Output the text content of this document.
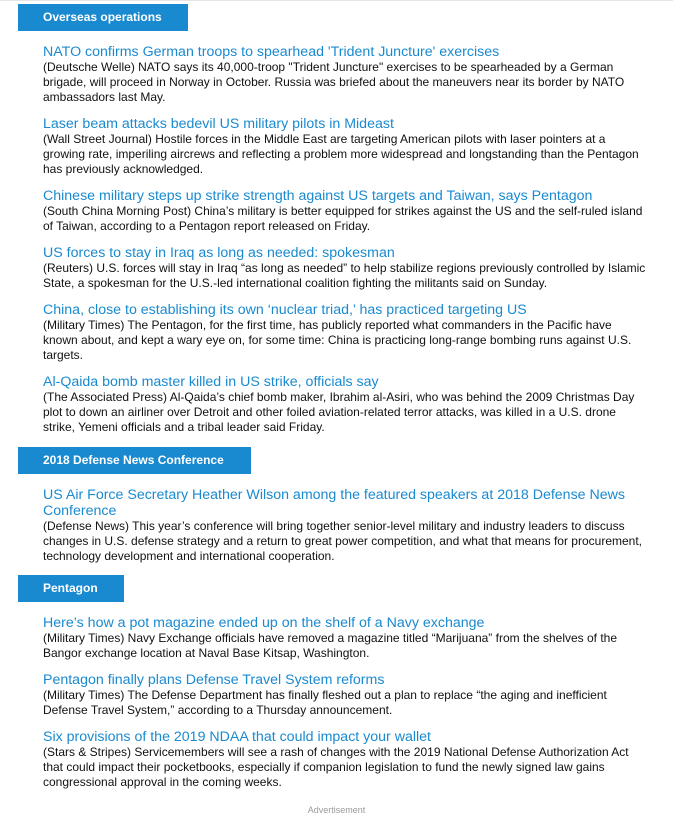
Overseas operations
NATO confirms German troops to spearhead 'Trident Juncture' exercises
(Deutsche Welle) NATO says its 40,000-troop "Trident Juncture" exercises to be spearheaded by a German brigade, will proceed in Norway in October. Russia was briefed about the maneuvers near its border by NATO ambassadors last May.
Laser beam attacks bedevil US military pilots in Mideast
(Wall Street Journal) Hostile forces in the Middle East are targeting American pilots with laser pointers at a growing rate, imperiling aircrews and reflecting a problem more widespread and longstanding than the Pentagon has previously acknowledged.
Chinese military steps up strike strength against US targets and Taiwan, says Pentagon
(South China Morning Post) China’s military is better equipped for strikes against the US and the self-ruled island of Taiwan, according to a Pentagon report released on Friday.
US forces to stay in Iraq as long as needed: spokesman
(Reuters) U.S. forces will stay in Iraq “as long as needed” to help stabilize regions previously controlled by Islamic State, a spokesman for the U.S.-led international coalition fighting the militants said on Sunday.
China, close to establishing its own ‘nuclear triad,’ has practiced targeting US
(Military Times) The Pentagon, for the first time, has publicly reported what commanders in the Pacific have known about, and kept a wary eye on, for some time: China is practicing long-range bombing runs against U.S. targets.
Al-Qaida bomb master killed in US strike, officials say
(The Associated Press) Al-Qaida’s chief bomb maker, Ibrahim al-Asiri, who was behind the 2009 Christmas Day plot to down an airliner over Detroit and other foiled aviation-related terror attacks, was killed in a U.S. drone strike, Yemeni officials and a tribal leader said Friday.
2018 Defense News Conference
US Air Force Secretary Heather Wilson among the featured speakers at 2018 Defense News Conference
(Defense News) This year’s conference will bring together senior-level military and industry leaders to discuss changes in U.S. defense strategy and a return to great power competition, and what that means for procurement, technology development and international cooperation.
Pentagon
Here’s how a pot magazine ended up on the shelf of a Navy exchange
(Military Times) Navy Exchange officials have removed a magazine titled “Marijuana” from the shelves of the Bangor exchange location at Naval Base Kitsap, Washington.
Pentagon finally plans Defense Travel System reforms
(Military Times) The Defense Department has finally fleshed out a plan to replace “the aging and inefficient Defense Travel System,” according to a Thursday announcement.
Six provisions of the 2019 NDAA that could impact your wallet
(Stars & Stripes) Servicemembers will see a rash of changes with the 2019 National Defense Authorization Act that could impact their pocketbooks, especially if companion legislation to fund the newly signed law gains congressional approval in the coming weeks.
Advertisement
